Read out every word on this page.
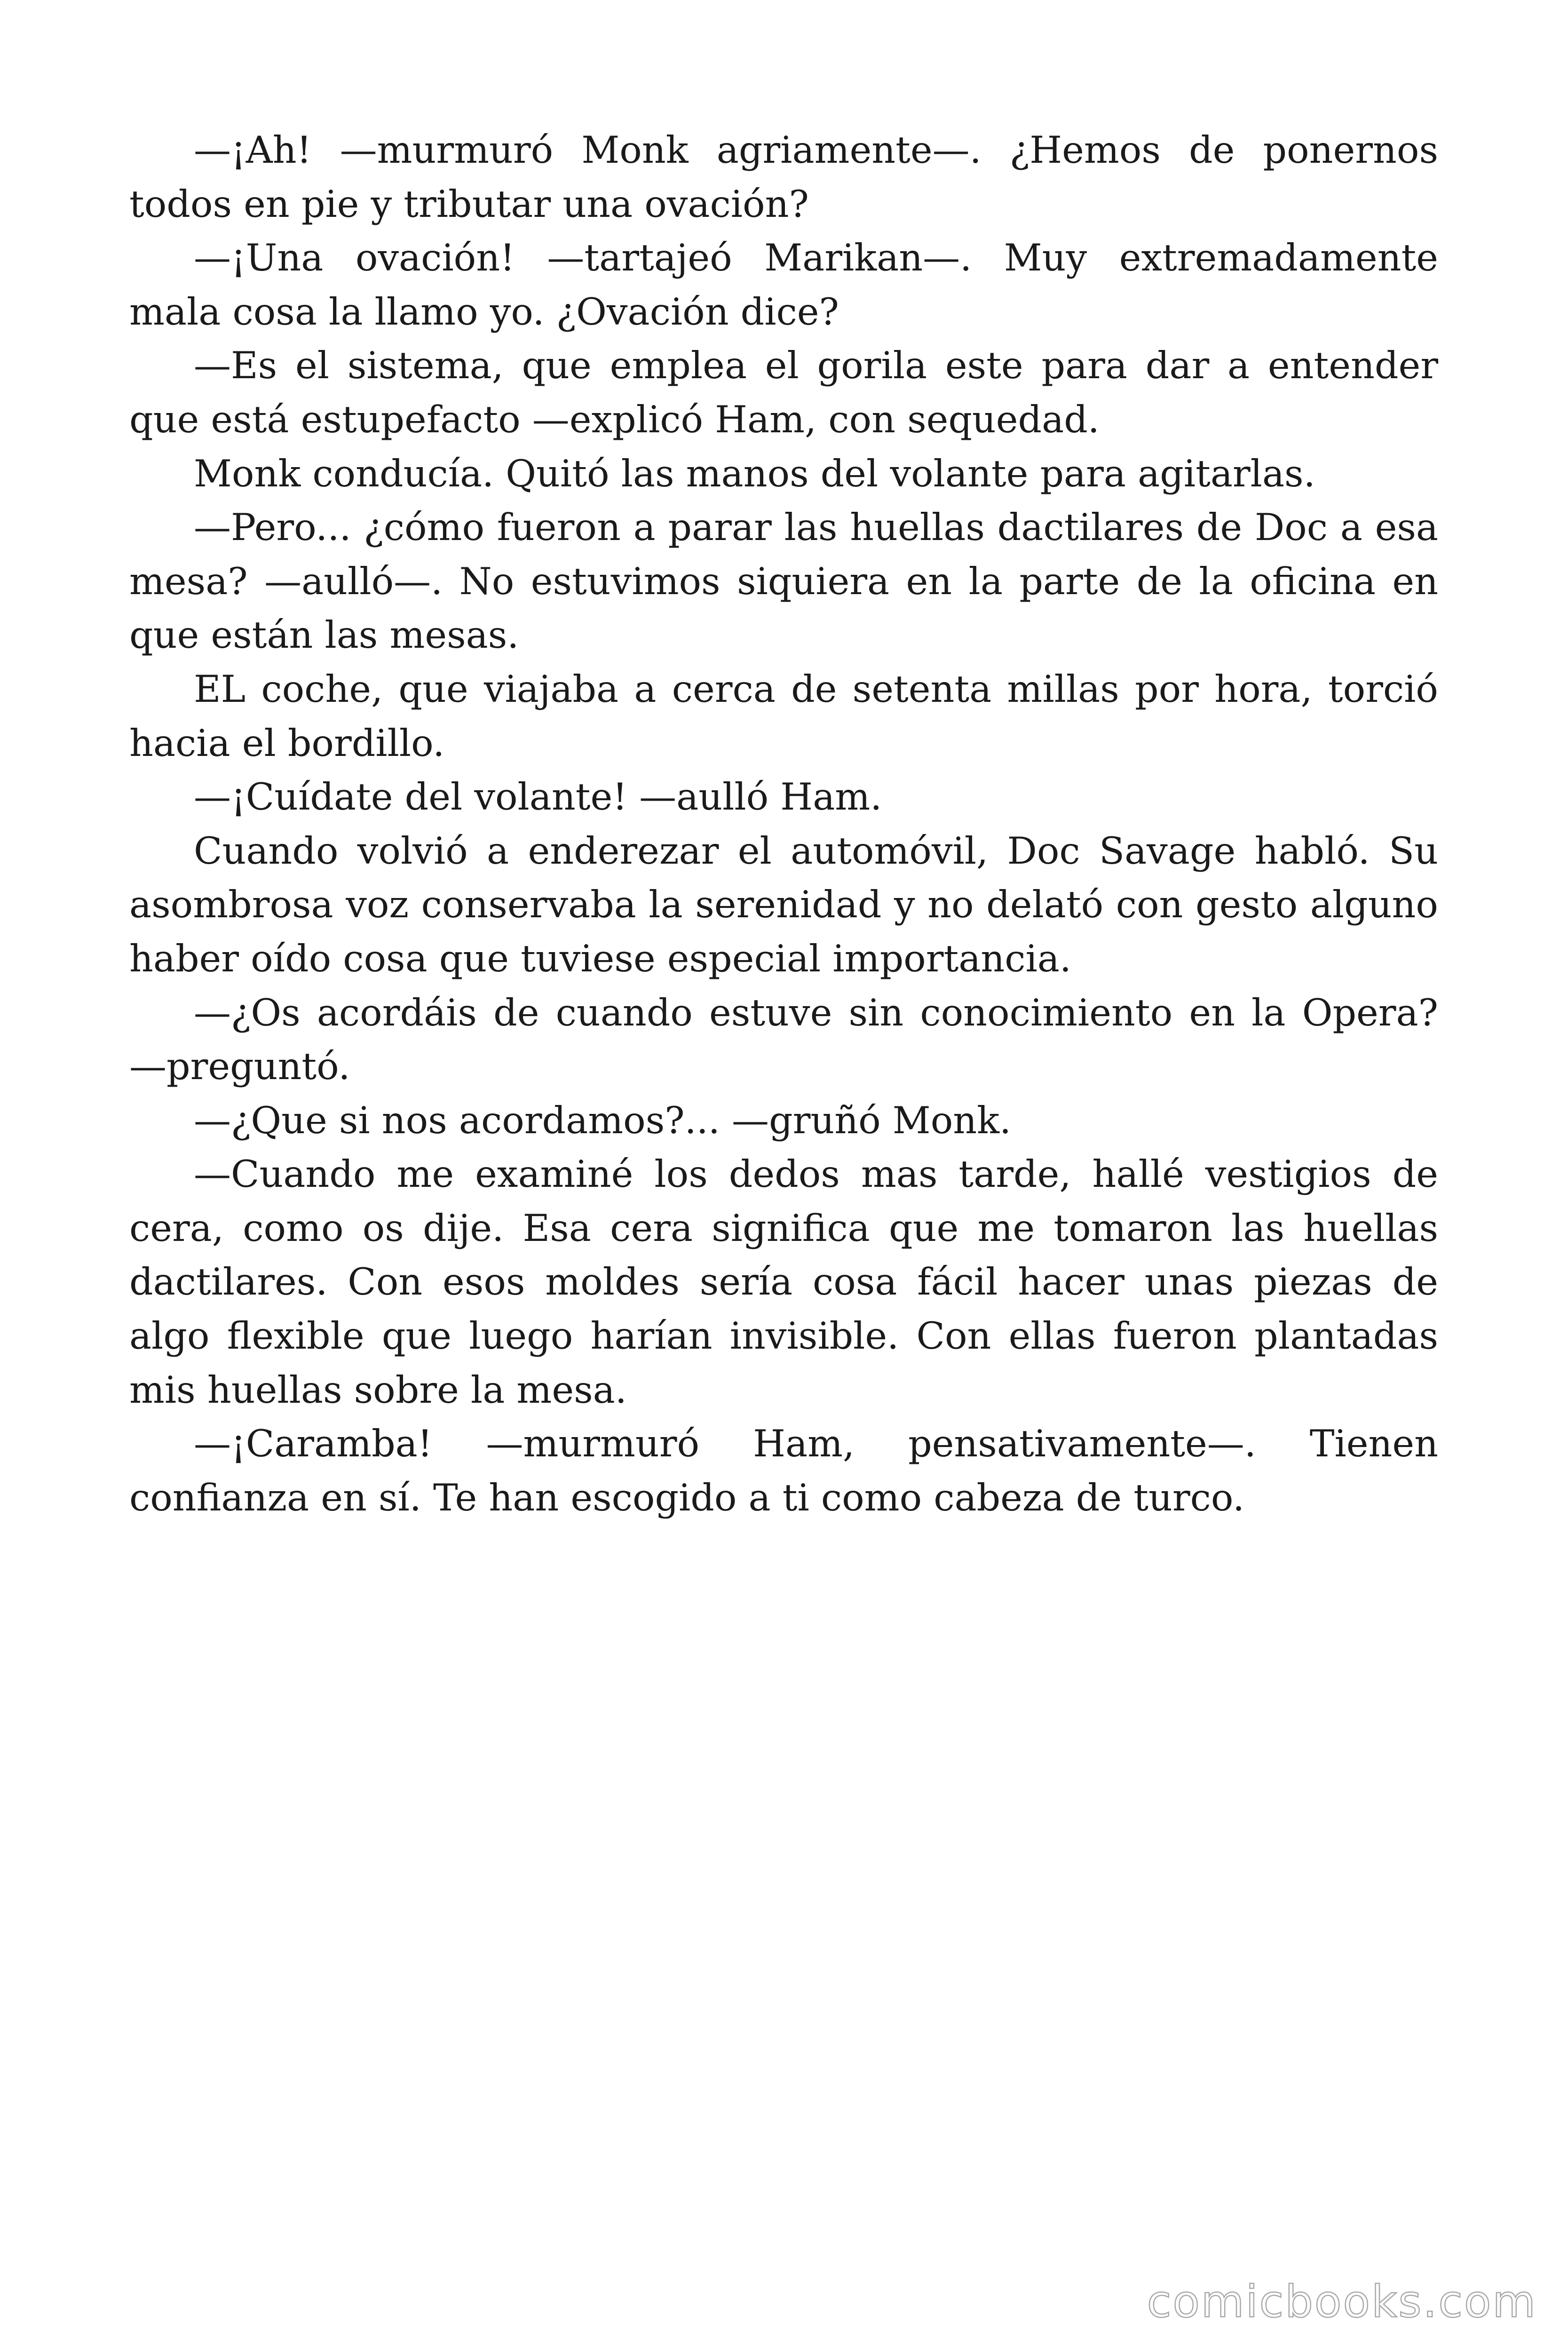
—¡Ah! —murmuró Monk agriamente—. ¿Hemos de ponernos todos en pie y tributar una ovación?

—¡Una ovación! —tartajeó Marikan—. Muy extremadamente mala cosa la llamo yo. ¿Ovación dice?

—Es el sistema, que emplea el gorila este para dar a entender que está estupefacto —explicó Ham, con sequedad.

Monk conducía. Quitó las manos del volante para agitarlas.

—Pero... ¿cómo fueron a parar las huellas dactilares de Doc a esa mesa? —aulló—. No estuvimos siquiera en la parte de la oficina en que están las mesas.

EL coche, que viajaba a cerca de setenta millas por hora, torció hacia el bordillo.

—¡Cuídate del volante! —aulló Ham.

Cuando volvió a enderezar el automóvil, Doc Savage habló. Su asombrosa voz conservaba la serenidad y no delató con gesto alguno haber oído cosa que tuviese especial importancia.

—¿Os acordáis de cuando estuve sin conocimiento en la Opera? —preguntó.

—¿Que si nos acordamos?... —gruñó Monk.

—Cuando me examiné los dedos mas tarde, hallé vestigios de cera, como os dije. Esa cera significa que me tomaron las huellas dactilares. Con esos moldes sería cosa fácil hacer unas piezas de algo flexible que luego harían invisible. Con ellas fueron plantadas mis huellas sobre la mesa.

—¡Caramba! —murmuró Ham, pensativamente—. Tienen confianza en sí. Te han escogido a ti como cabeza de turco.

comicbooks.com
